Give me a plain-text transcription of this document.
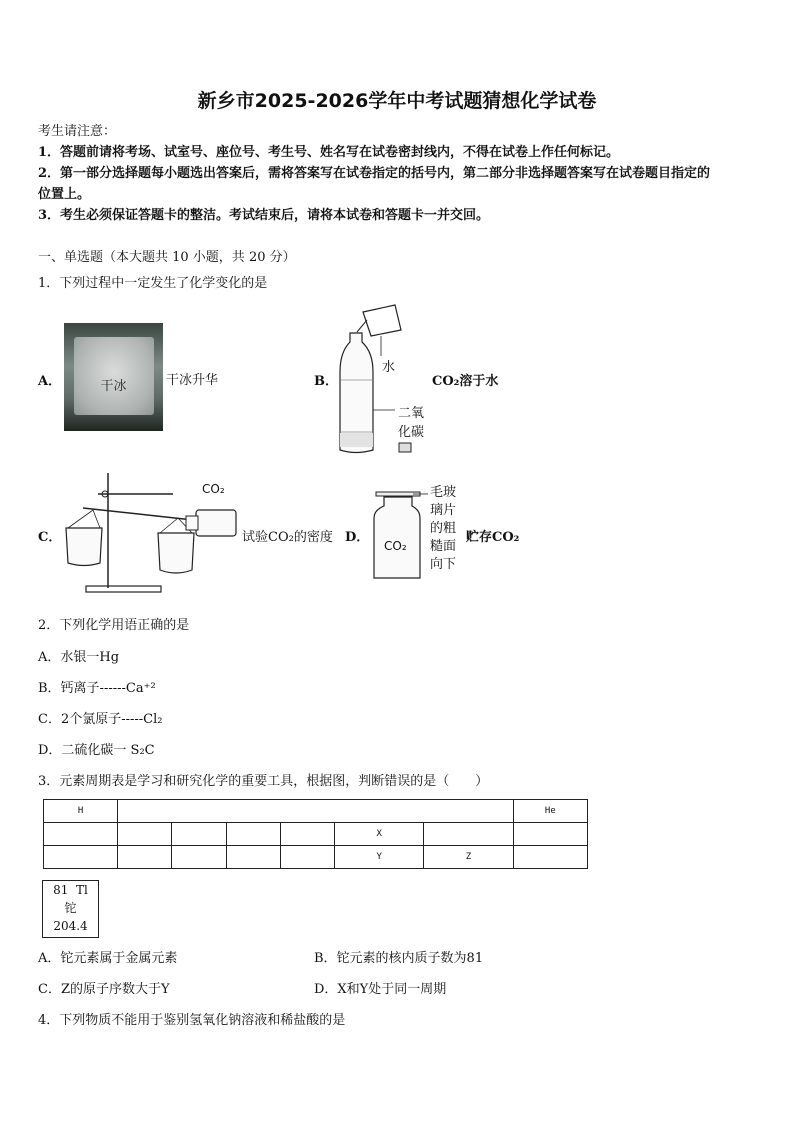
新乡市2025-2026学年中考试题猜想化学试卷
考生请注意：
1．答题前请将考场、试室号、座位号、考生号、姓名写在试卷密封线内，不得在试卷上作任何标记。
2．第一部分选择题每小题选出答案后，需将答案写在试卷指定的括号内，第二部分非选择题答案写在试卷题目指定的
位置上。
3．考生必须保证答题卡的整洁。考试结束后，请将本试卷和答题卡一并交回。
一、单选题（本大题共 10 小题，共 20 分）
1．下列过程中一定发生了化学变化的是
A．	干冰	干冰升华	B．
水
二氧
化碳
CO₂溶于水
C．
CO₂
试验CO₂的密度 D．
CO₂
毛玻
璃片
的粗
糙面
向下
贮存CO₂
2．下列化学用语正确的是
A．水银一Hg
B．钙离子------Ca⁺²
C．2个氯原子-----Cl₂
D．二硫化碳一 S₂C
3．元素周期表是学习和研究化学的重要工具，根据图，判断错误的是（　　）
H							He
					X		
					Y	Z	
81 Tl
铊
204.4
A．铊元素属于金属元素	B．铊元素的核内质子数为81
C．Z的原子序数大于Y	D．X和Y处于同一周期
4．下列物质不能用于鉴别氢氧化钠溶液和稀盐酸的是
